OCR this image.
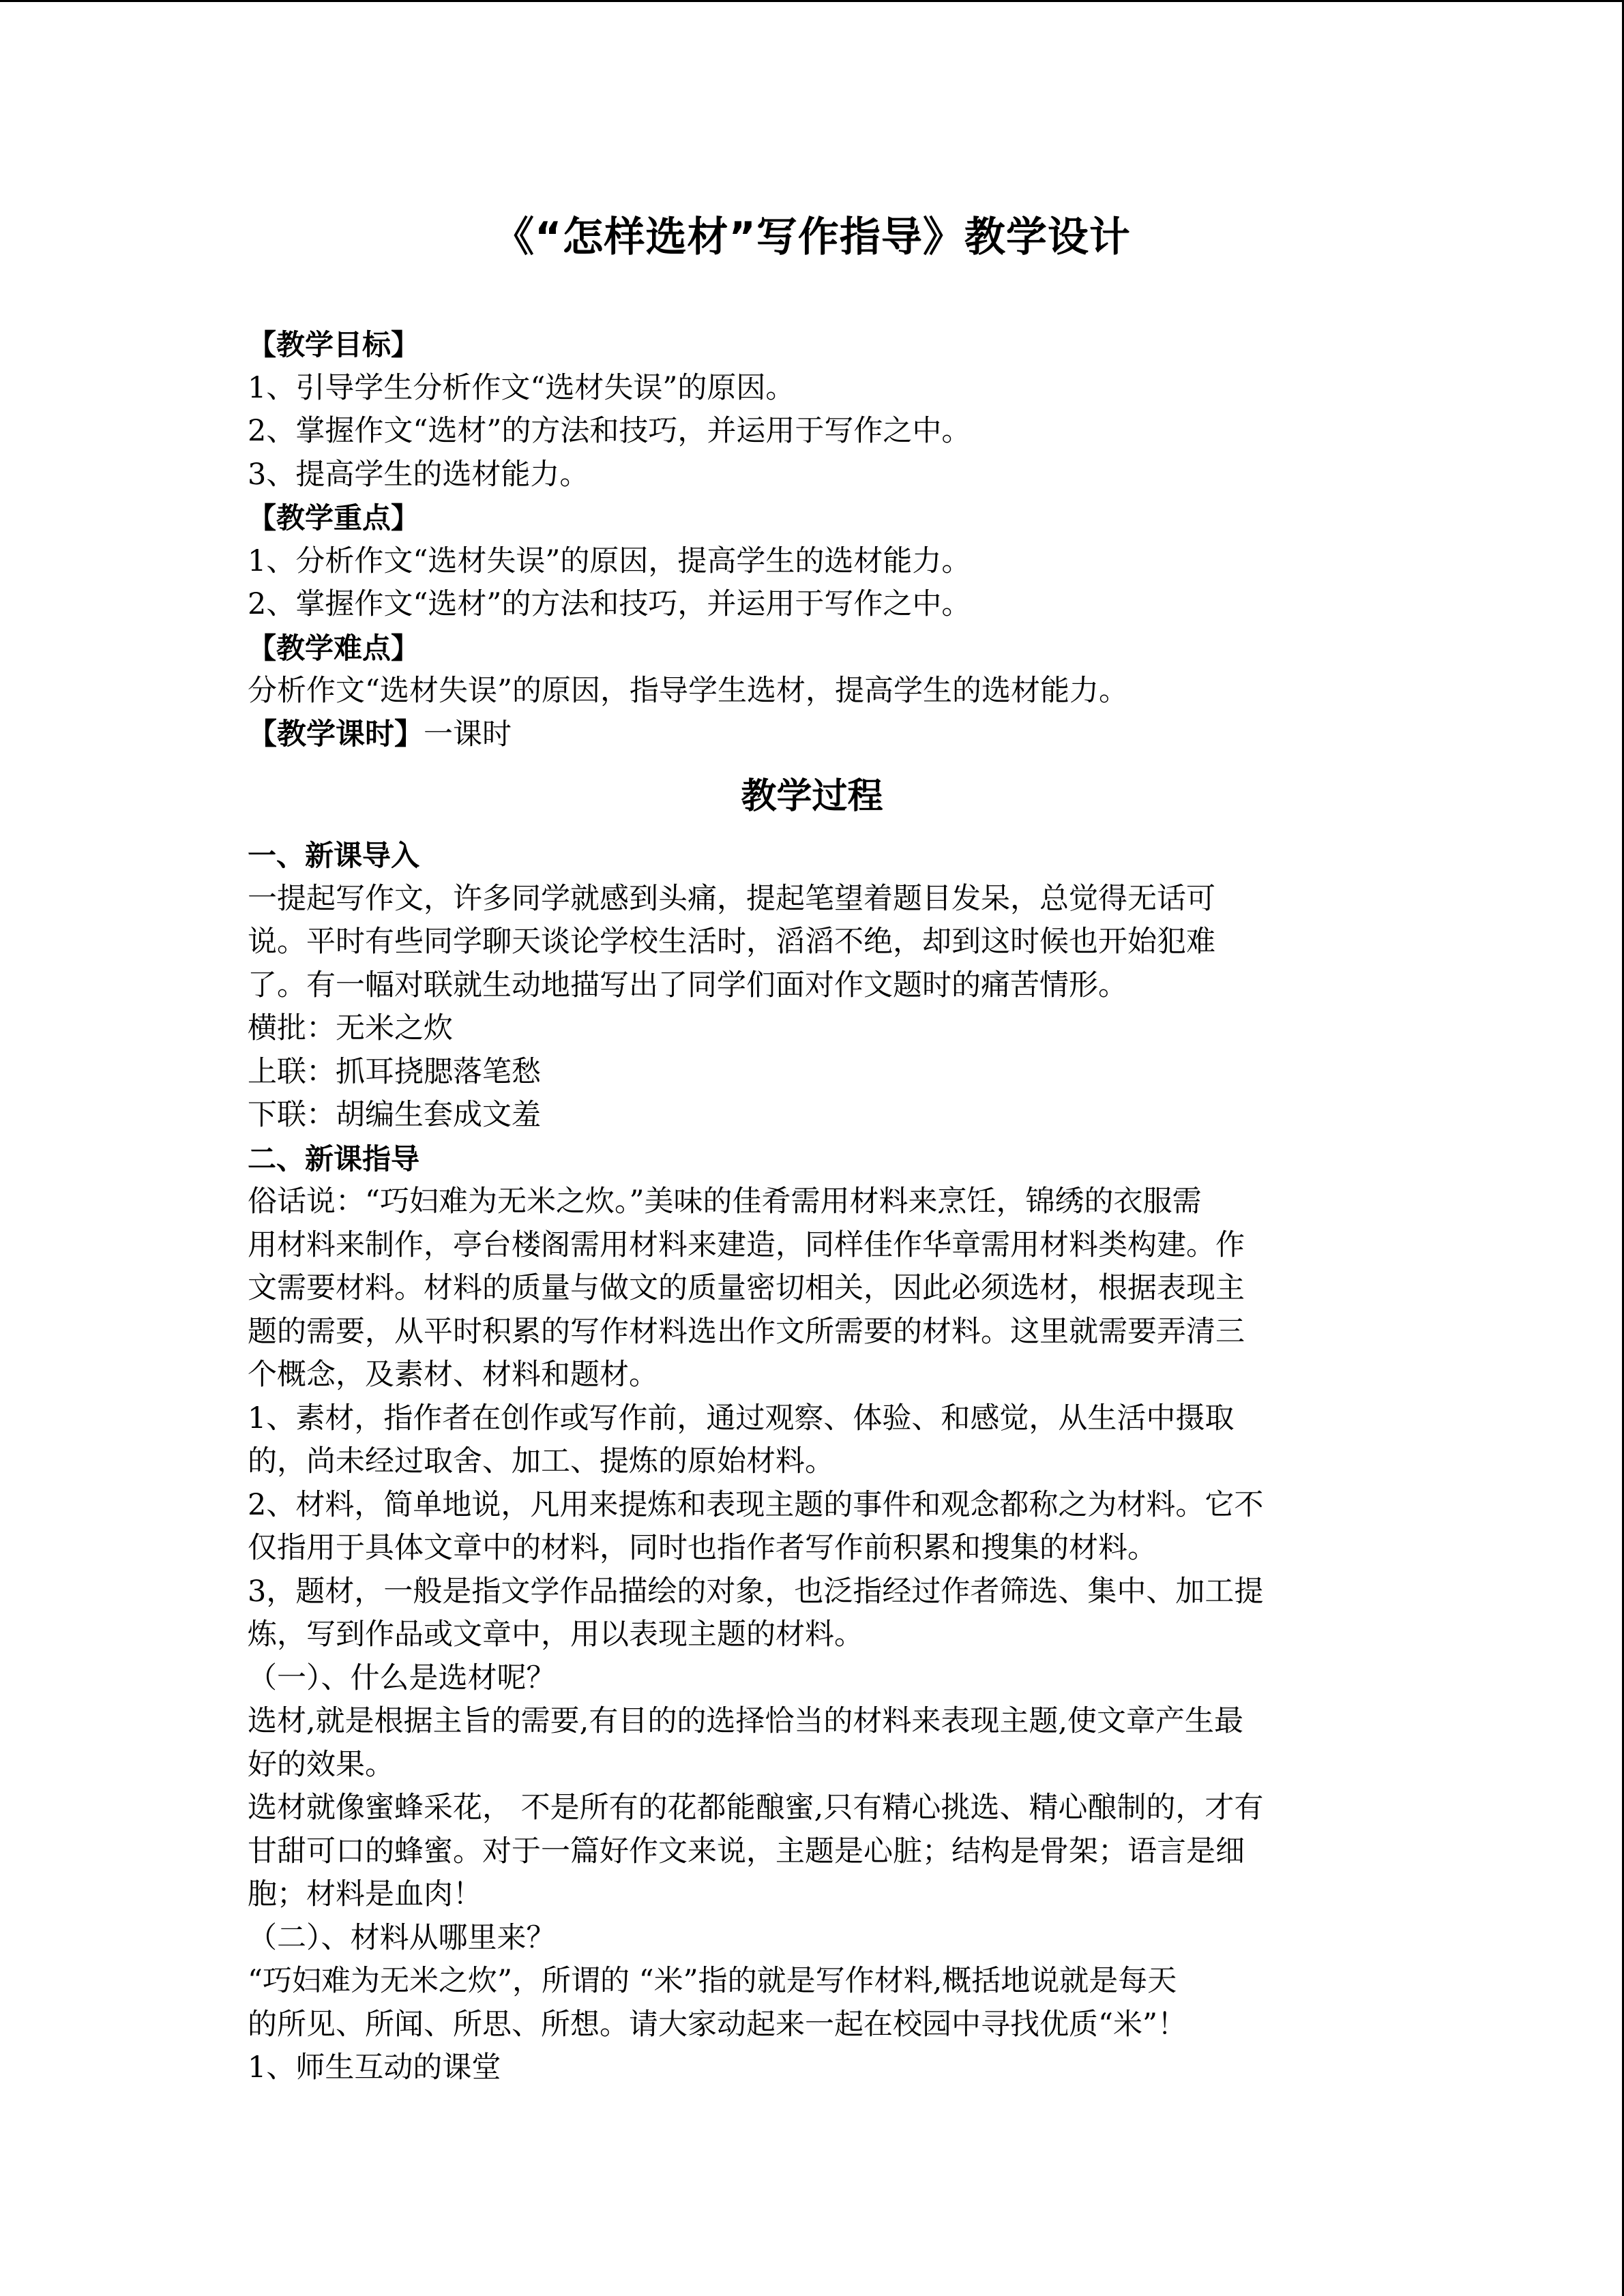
《“怎样选材”写作指导》教学设计
【教学目标】
1、引导学生分析作文“选材失误”的原因。
2、掌握作文“选材”的方法和技巧，并运用于写作之中。
3、提高学生的选材能力。
【教学重点】
1、分析作文“选材失误”的原因，提高学生的选材能力。
2、掌握作文“选材”的方法和技巧，并运用于写作之中。
【教学难点】
分析作文“选材失误”的原因，指导学生选材，提高学生的选材能力。
【教学课时】一课时
教学过程
一、新课导入
一提起写作文，许多同学就感到头痛，提起笔望着题目发呆，总觉得无话可
说。平时有些同学聊天谈论学校生活时，滔滔不绝，却到这时候也开始犯难
了。有一幅对联就生动地描写出了同学们面对作文题时的痛苦情形。
横批：无米之炊
上联：抓耳挠腮落笔愁
下联：胡编生套成文羞
二、新课指导
俗话说：“巧妇难为无米之炊。”美味的佳肴需用材料来烹饪，锦绣的衣服需
用材料来制作，亭台楼阁需用材料来建造，同样佳作华章需用材料类构建。作
文需要材料。材料的质量与做文的质量密切相关，因此必须选材，根据表现主
题的需要，从平时积累的写作材料选出作文所需要的材料。这里就需要弄清三
个概念，及素材、材料和题材。
1、素材，指作者在创作或写作前，通过观察、体验、和感觉，从生活中摄取
的，尚未经过取舍、加工、提炼的原始材料。
2、材料，简单地说，凡用来提炼和表现主题的事件和观念都称之为材料。它不
仅指用于具体文章中的材料，同时也指作者写作前积累和搜集的材料。
3，题材，一般是指文学作品描绘的对象，也泛指经过作者筛选、集中、加工提
炼，写到作品或文章中，用以表现主题的材料。
（一）、什么是选材呢？
选材,就是根据主旨的需要,有目的的选择恰当的材料来表现主题,使文章产生最
好的效果。
选材就像蜜蜂采花， 不是所有的花都能酿蜜,只有精心挑选、精心酿制的，才有
甘甜可口的蜂蜜。对于一篇好作文来说，主题是心脏；结构是骨架；语言是细
胞；材料是血肉！
（二）、材料从哪里来？
“巧妇难为无米之炊”，所谓的 “米”指的就是写作材料,概括地说就是每天
的所见、所闻、所思、所想。请大家动起来一起在校园中寻找优质“米”！
1、师生互动的课堂
